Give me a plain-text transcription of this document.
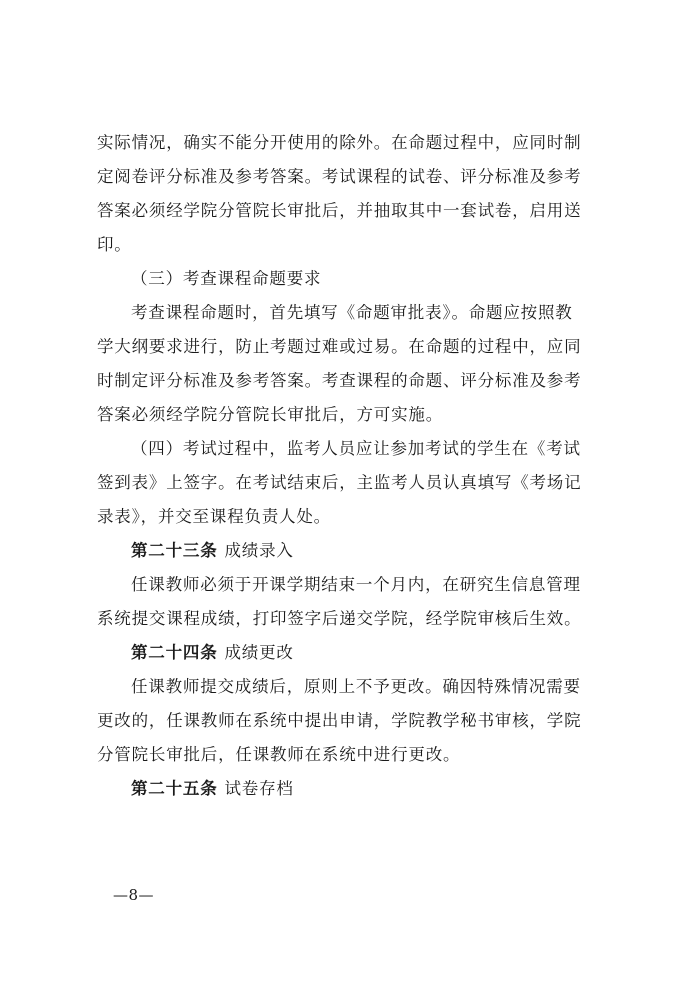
实际情况，确实不能分开使用的除外。在命题过程中，应同时制
定阅卷评分标准及参考答案。考试课程的试卷、评分标准及参考
答案必须经学院分管院长审批后，并抽取其中一套试卷，启用送
印。
（三）考查课程命题要求
考查课程命题时，首先填写《命题审批表》。命题应按照教
学大纲要求进行，防止考题过难或过易。在命题的过程中，应同
时制定评分标准及参考答案。考查课程的命题、评分标准及参考
答案必须经学院分管院长审批后，方可实施。
（四）考试过程中，监考人员应让参加考试的学生在《考试
签到表》上签字。在考试结束后，主监考人员认真填写《考场记
录表》，并交至课程负责人处。
第二十三条 成绩录入
任课教师必须于开课学期结束一个月内，在研究生信息管理
系统提交课程成绩，打印签字后递交学院，经学院审核后生效。
第二十四条 成绩更改
任课教师提交成绩后，原则上不予更改。确因特殊情况需要
更改的，任课教师在系统中提出申请，学院教学秘书审核，学院
分管院长审批后，任课教师在系统中进行更改。
第二十五条 试卷存档
—8—
